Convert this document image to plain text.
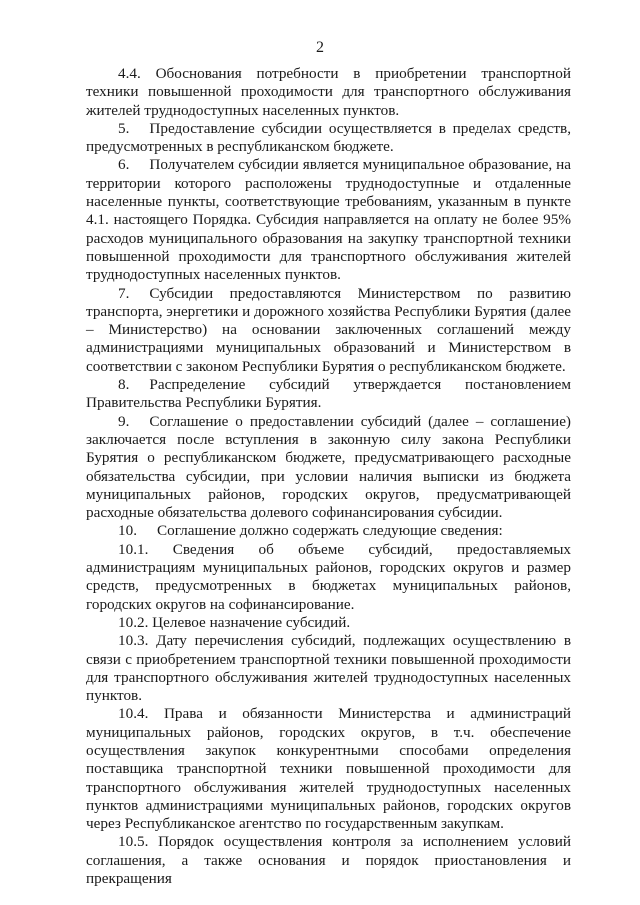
2

4.4. Обоснования потребности в приобретении транспортной техники повышенной проходимости для транспортного обслуживания жителей труднодоступных населенных пунктов.

5. Предоставление субсидии осуществляется в пределах средств, предусмотренных в республиканском бюджете.

6. Получателем субсидии является муниципальное образование, на территории которого расположены труднодоступные и отдаленные населенные пункты, соответствующие требованиям, указанным в пункте 4.1. настоящего Порядка. Субсидия направляется на оплату не более 95% расходов муниципального образования на закупку транспортной техники повышенной проходимости для транспортного обслуживания жителей труднодоступных населенных пунктов.

7. Субсидии предоставляются Министерством по развитию транспорта, энергетики и дорожного хозяйства Республики Бурятия (далее – Министерство) на основании заключенных соглашений между администрациями муниципальных образований и Министерством в соответствии с законом Республики Бурятия о республиканском бюджете.

8. Распределение субсидий утверждается постановлением Правительства Республики Бурятия.

9. Соглашение о предоставлении субсидий (далее – соглашение) заключается после вступления в законную силу закона Республики Бурятия о республиканском бюджете, предусматривающего расходные обязательства субсидии, при условии наличия выписки из бюджета муниципальных районов, городских округов, предусматривающей расходные обязательства долевого софинансирования субсидии.

10. Соглашение должно содержать следующие сведения:

10.1. Сведения об объеме субсидий, предоставляемых администрациям муниципальных районов, городских округов и размер средств, предусмотренных в бюджетах муниципальных районов, городских округов на софинансирование.

10.2. Целевое назначение субсидий.

10.3. Дату перечисления субсидий, подлежащих осуществлению в связи с приобретением транспортной техники повышенной проходимости для транспортного обслуживания жителей труднодоступных населенных пунктов.

10.4. Права и обязанности Министерства и администраций муниципальных районов, городских округов, в т.ч. обеспечение осуществления закупок конкурентными способами определения поставщика транспортной техники повышенной проходимости для транспортного обслуживания жителей труднодоступных населенных пунктов администрациями муниципальных районов, городских округов через Республиканское агентство по государственным закупкам.

10.5. Порядок осуществления контроля за исполнением условий соглашения, а также основания и порядок приостановления и прекращения
